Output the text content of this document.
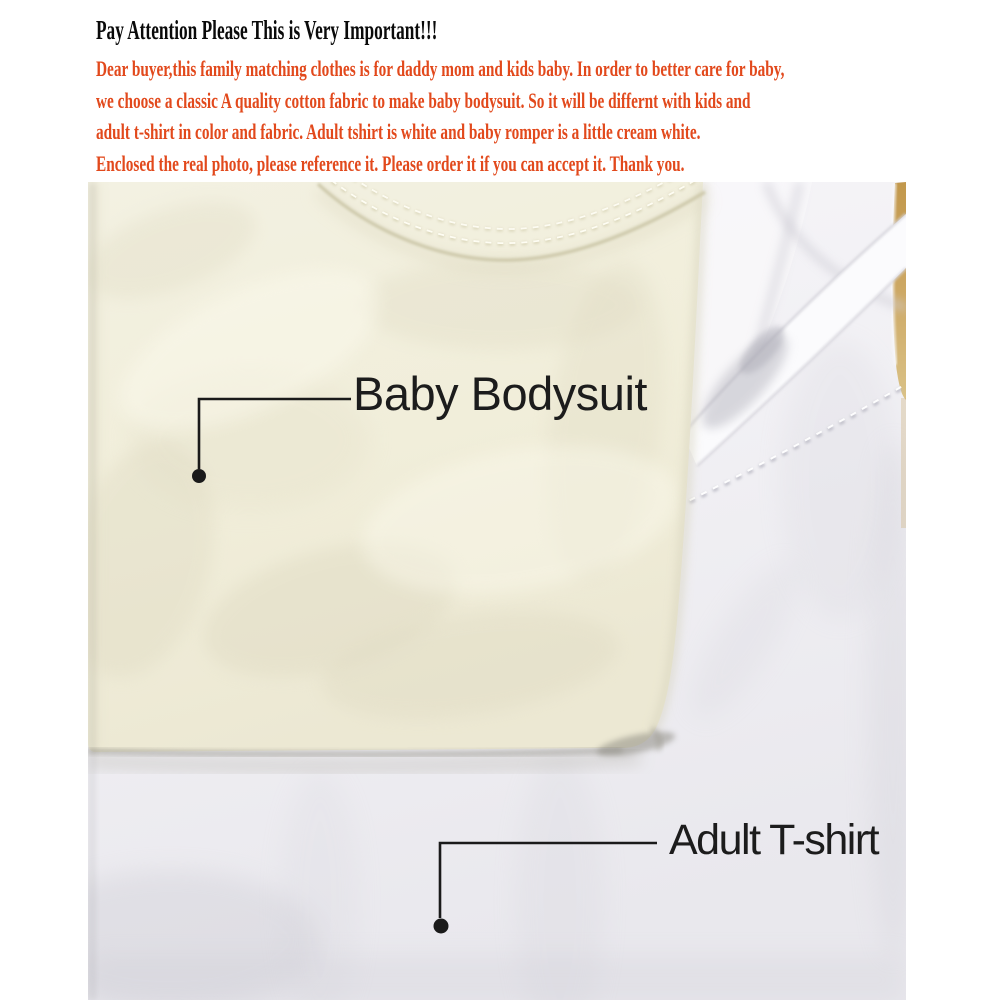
Pay Attention Please This is Very Important!!!
Dear buyer,this family matching clothes is for daddy mom and kids baby. In order to better care for baby,
we choose a classic A quality cotton fabric to make baby bodysuit. So it will be differnt with kids and
adult t-shirt in color and fabric. Adult tshirt is white and baby romper is a little cream white.
Enclosed the real photo, please reference it. Please order it if you can accept it. Thank you.
Baby Bodysuit
Adult T-shirt
